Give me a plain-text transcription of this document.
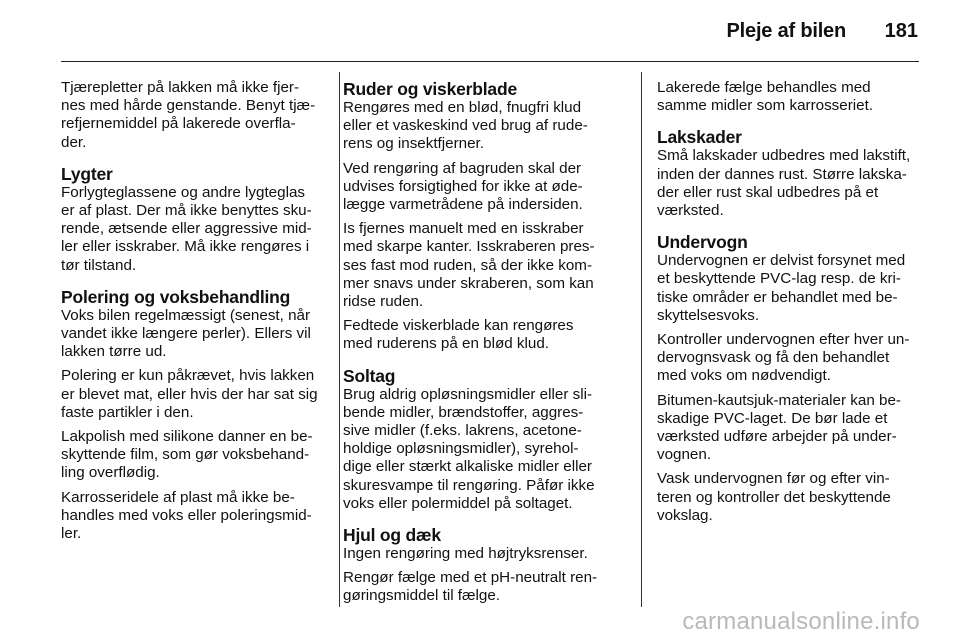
Pleje af bilen 181

Tjærepletter på lakken må ikke fjer-
nes med hårde genstande. Benyt tjæ-
refjernemiddel på lakerede overfla-
der.

Lygter

Forlygteglassene og andre lygteglas
er af plast. Der må ikke benyttes sku-
rende, ætsende eller aggressive mid-
ler eller isskraber. Må ikke rengøres i
tør tilstand.

Polering og voksbehandling

Voks bilen regelmæssigt (senest, når
vandet ikke længere perler). Ellers vil
lakken tørre ud.

Polering er kun påkrævet, hvis lakken
er blevet mat, eller hvis der har sat sig
faste partikler i den.

Lakpolish med silikone danner en be-
skyttende film, som gør voksbehand-
ling overflødig.

Karrosseridele af plast må ikke be-
handles med voks eller poleringsmid-
ler.

Ruder og viskerblade

Rengøres med en blød, fnugfri klud
eller et vaskeskind ved brug af rude-
rens og insektfjerner.

Ved rengøring af bagruden skal der
udvises forsigtighed for ikke at øde-
lægge varmetrådene på indersiden.

Is fjernes manuelt med en isskraber
med skarpe kanter. Isskraberen pres-
ses fast mod ruden, så der ikke kom-
mer snavs under skraberen, som kan
ridse ruden.

Fedtede viskerblade kan rengøres
med ruderens på en blød klud.

Soltag

Brug aldrig opløsningsmidler eller sli-
bende midler, brændstoffer, aggres-
sive midler (f.eks. lakrens, acetone-
holdige opløsningsmidler), syrehol-
dige eller stærkt alkaliske midler eller
skuresvampe til rengøring. Påfør ikke
voks eller polermiddel på soltaget.

Hjul og dæk

Ingen rengøring med højtryksrenser.

Rengør fælge med et pH-neutralt ren-
gøringsmiddel til fælge.

Lakerede fælge behandles med
samme midler som karrosseriet.

Lakskader

Små lakskader udbedres med lakstift,
inden der dannes rust. Større lakska-
der eller rust skal udbedres på et
værksted.

Undervogn

Undervognen er delvist forsynet med
et beskyttende PVC-lag resp. de kri-
tiske områder er behandlet med be-
skyttelsesvoks.

Kontroller undervognen efter hver un-
dervognsvask og få den behandlet
med voks om nødvendigt.

Bitumen-kautsjuk-materialer kan be-
skadige PVC-laget. De bør lade et
værksted udføre arbejder på under-
vognen.

Vask undervognen før og efter vin-
teren og kontroller det beskyttende
vokslag.

carmanualsonline.info
